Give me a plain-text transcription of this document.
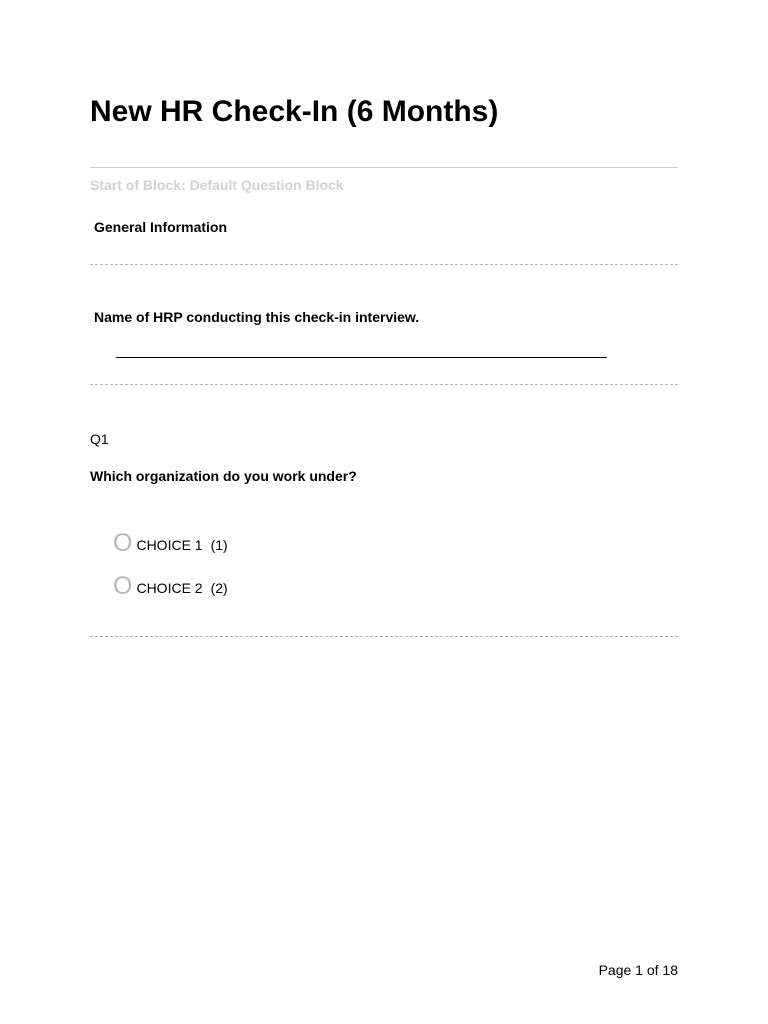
New HR Check-In (6 Months)
Start of Block: Default Question Block
General Information
Name of HRP conducting this check-in interview.
Q1
Which organization do you work under?
O CHOICE 1 (1)
O CHOICE 2 (2)
Page 1 of 18
